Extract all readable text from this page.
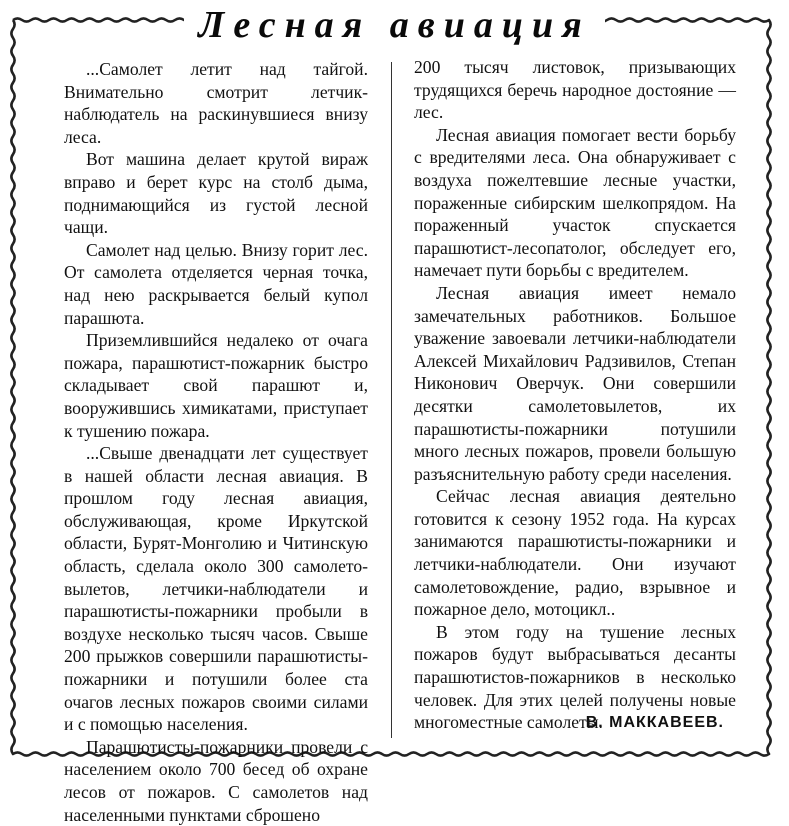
Лесная авиация

...Самолет летит над тайгой. Внимательно смотрит летчик-наблюдатель на раскинувшиеся внизу леса.

Вот машина делает крутой вираж вправо и берет курс на столб дыма, поднимающийся из густой лесной чащи.

Самолет над целью. Внизу горит лес. От самолета отделяется черная точка, над нею раскрывается белый купол парашюта.

Приземлившийся недалеко от очага пожара, парашютист-пожарник быстро складывает свой парашют и, вооружившись химикатами, приступает к тушению пожара.

...Свыше двенадцати лет существует в нашей области лесная авиация. В прошлом году лесная авиация, обслуживающая, кроме Иркутской области, Бурят-Монголию и Читинскую область, сделала около 300 самолето-вылетов, летчики-наблюдатели и парашютисты-пожарники пробыли в воздухе несколько тысяч часов. Свыше 200 прыжков совершили парашютисты-пожарники и потушили более ста очагов лесных пожаров своими силами и с помощью населения.

Парашютисты-пожарники провели с населением около 700 бесед об охране лесов от пожаров. С самолетов над населенными пунктами сброшено

200 тысяч листовок, призывающих трудящихся беречь народное достояние — лес.

Лесная авиация помогает вести борьбу с вредителями леса. Она обнаруживает с воздуха пожелтевшие лесные участки, пораженные сибирским шелкопрядом. На пораженный участок спускается парашютист-лесопатолог, обследует его, намечает пути борьбы с вредителем.

Лесная авиация имеет немало замечательных работников. Большое уважение завоевали летчики-наблюдатели Алексей Михайлович Радзивилов, Степан Никонович Оверчук. Они совершили десятки самолетовылетов, их парашютисты-пожарники потушили много лесных пожаров, провели большую разъяснительную работу среди населения.

Сейчас лесная авиация деятельно готовится к сезону 1952 года. На курсах занимаются парашютисты-пожарники и летчики-наблюдатели. Они изучают самолетовождение, радио, взрывное и пожарное дело, мотоцикл..

В этом году на тушение лесных пожаров будут выбрасываться десанты парашютистов-пожарников в несколько человек. Для этих целей получены новые многоместные самолеты.

В. МАККАВЕЕВ.
